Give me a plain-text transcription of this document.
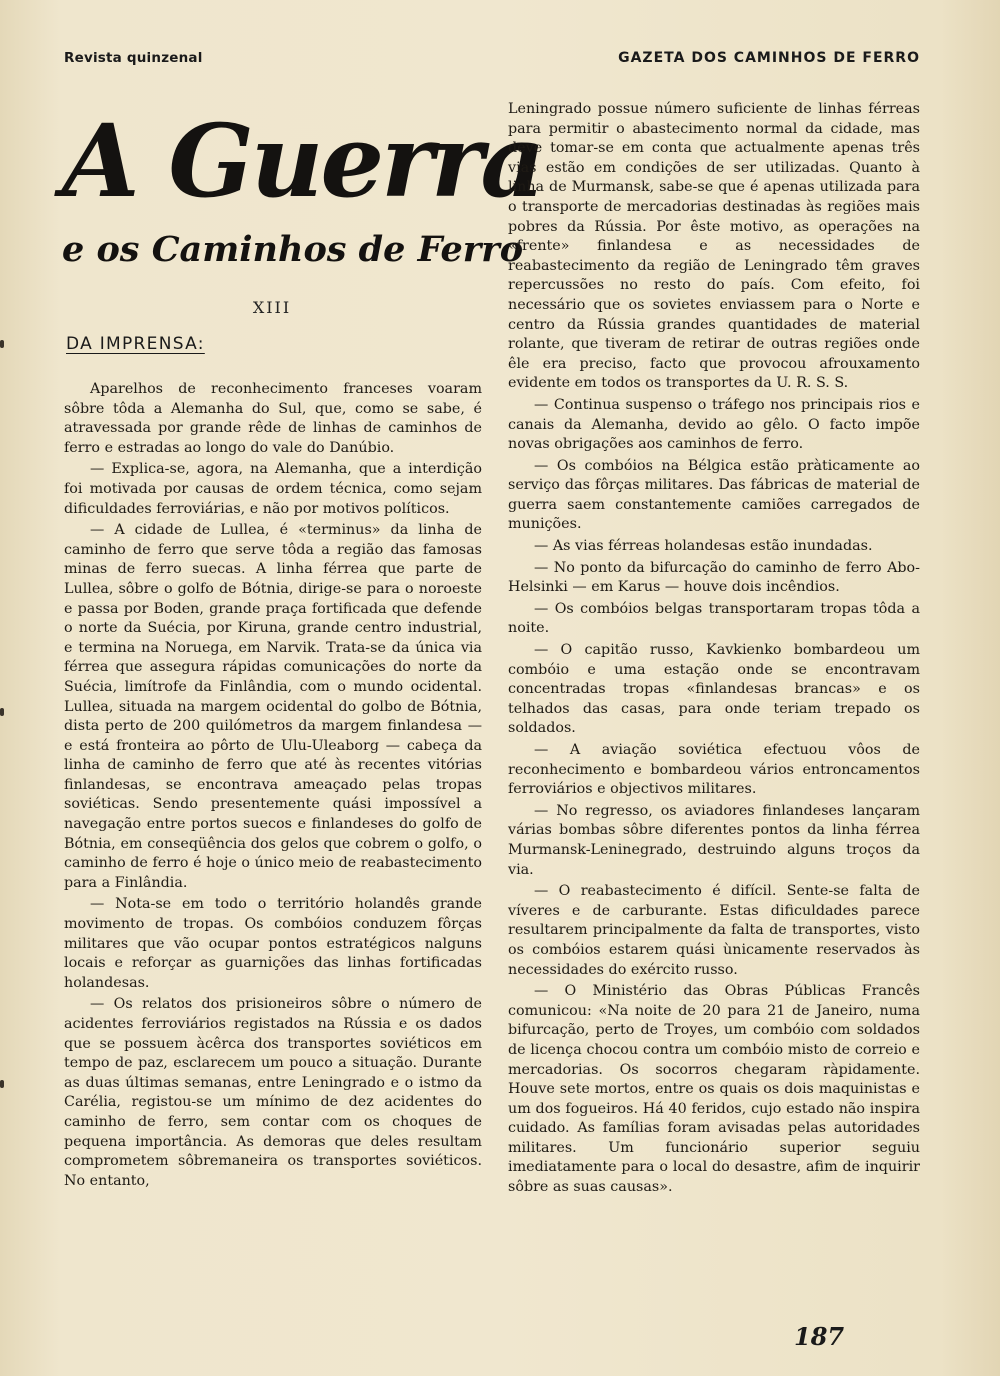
Revista quinzenal	GAZETA DOS CAMINHOS DE FERRO
A Guerra
e os Caminhos de Ferro
XIII
DA IMPRENSA:

Aparelhos de reconhecimento franceses voaram sôbre tôda a Alemanha do Sul, que, como se sabe, é atravessada por grande rêde de linhas de caminhos de ferro e estradas ao longo do vale do Danúbio.

— Explica-se, agora, na Alemanha, que a interdição foi motivada por causas de ordem técnica, como sejam dificuldades ferroviárias, e não por motivos políticos.

— A cidade de Lullea, é «terminus» da linha de caminho de ferro que serve tôda a região das famosas minas de ferro suecas. A linha férrea que parte de Lullea, sôbre o golfo de Bótnia, dirige-se para o noroeste e passa por Boden, grande praça fortificada que defende o norte da Suécia, por Kiruna, grande centro industrial, e termina na Noruega, em Narvik. Trata-se da única via férrea que assegura rápidas comunicações do norte da Suécia, limítrofe da Finlândia, com o mundo ocidental. Lullea, situada na margem ocidental do golbo de Bótnia, dista perto de 200 quilómetros da margem finlandesa — e está fronteira ao pôrto de Ulu-Uleaborg — cabeça da linha de caminho de ferro que até às recentes vitórias finlandesas, se encontrava ameaçado pelas tropas soviéticas. Sendo presentemente quási impossível a navegação entre portos suecos e finlandeses do golfo de Bótnia, em conseqüência dos gelos que cobrem o golfo, o caminho de ferro é hoje o único meio de reabastecimento para a Finlândia.

— Nota-se em todo o território holandês grande movimento de tropas. Os combóios conduzem fôrças militares que vão ocupar pontos estratégicos nalguns locais e reforçar as guarnições das linhas fortificadas holandesas.

— Os relatos dos prisioneiros sôbre o número de acidentes ferroviários registados na Rússia e os dados que se possuem àcêrca dos transportes soviéticos em tempo de paz, esclarecem um pouco a situação. Durante as duas últimas semanas, entre Leningrado e o istmo da Carélia, registou-se um mínimo de dez acidentes do caminho de ferro, sem contar com os choques de pequena importância. As demoras que deles resultam comprometem sôbremaneira os transportes soviéticos. No entanto,

Leningrado possue número suficiente de linhas férreas para permitir o abastecimento normal da cidade, mas deve tomar-se em conta que actualmente apenas três vias estão em condições de ser utilizadas. Quanto à linha de Murmansk, sabe-se que é apenas utilizada para o transporte de mercadorias destinadas às regiões mais pobres da Rússia. Por êste motivo, as operações na «frente» finlandesa e as necessidades de reabastecimento da região de Leningrado têm graves repercussões no resto do país. Com efeito, foi necessário que os sovietes enviassem para o Norte e centro da Rússia grandes quantidades de material rolante, que tiveram de retirar de outras regiões onde êle era preciso, facto que provocou afrouxamento evidente em todos os transportes da U. R. S. S.

— Continua suspenso o tráfego nos principais rios e canais da Alemanha, devido ao gêlo. O facto impõe novas obrigações aos caminhos de ferro.

— Os combóios na Bélgica estão pràticamente ao serviço das fôrças militares. Das fábricas de material de guerra saem constantemente camiões carregados de munições.

— As vias férreas holandesas estão inundadas.

— No ponto da bifurcação do caminho de ferro Abo-Helsinki — em Karus — houve dois incêndios.

— Os combóios belgas transportaram tropas tôda a noite.

— O capitão russo, Kavkienko bombardeou um combóio e uma estação onde se encontravam concentradas tropas «finlandesas brancas» e os telhados das casas, para onde teriam trepado os soldados.

— A aviação soviética efectuou vôos de reconhecimento e bombardeou vários entroncamentos ferroviários e objectivos militares.

— No regresso, os aviadores finlandeses lançaram várias bombas sôbre diferentes pontos da linha férrea Murmansk-Leninegrado, destruindo alguns troços da via.

— O reabastecimento é difícil. Sente-se falta de víveres e de carburante. Estas dificuldades parece resultarem principalmente da falta de transportes, visto os combóios estarem quási ùnicamente reservados às necessidades do exército russo.

— O Ministério das Obras Públicas Francês comunicou: «Na noite de 20 para 21 de Janeiro, numa bifurcação, perto de Troyes, um combóio com soldados de licença chocou contra um combóio misto de correio e mercadorias. Os socorros chegaram ràpidamente. Houve sete mortos, entre os quais os dois maquinistas e um dos fogueiros. Há 40 feridos, cujo estado não inspira cuidado. As famílias foram avisadas pelas autoridades militares. Um funcionário superior seguiu imediatamente para o local do desastre, afim de inquirir sôbre as suas causas».

187
